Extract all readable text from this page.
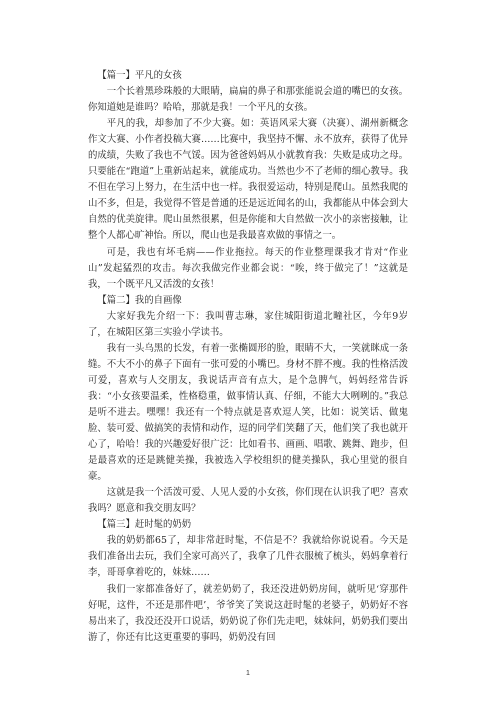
【篇一】平凡的女孩

一个长着黑珍珠般的大眼睛，扁扁的鼻子和那张能说会道的嘴巴的女孩。你知道她是谁吗？哈哈，那就是我！一个平凡的女孩。

平凡的我，却参加了不少大赛。如：英语风采大赛（决赛）、湖州新概念作文大赛、小作者投稿大赛……比赛中，我坚持不懈、永不放弃，获得了优异的成绩，失败了我也不气馁。因为爸爸妈妈从小就教育我：失败是成功之母。只要能在“跑道”上重新站起来，就能成功。当然也少不了老师的细心教导。我不但在学习上努力，在生活中也一样。我很爱运动，特别是爬山。虽然我爬的山不多，但是，我觉得不管是普通的还是远近闻名的山，我都能从中体会到大自然的优美旋律。爬山虽然很累，但是你能和大自然做一次小的亲密接触，让整个人都心旷神怡。所以，爬山也是我最喜欢做的事情之一。

可是，我也有坏毛病——作业拖拉。每天的作业整理课我才肯对“作业山”发起猛烈的攻击。每次我做完作业都会说：“唉，终于做完了！”这就是我，一个既平凡又活泼的女孩！

【篇二】我的自画像

大家好我先介绍一下：我叫曹志琳，家住城阳街道北疃社区，今年9岁了，在城阳区第三实验小学读书。

我有一头乌黑的长发，有着一张椭圆形的脸，眼睛不大，一笑就眯成一条缝。不大不小的鼻子下面有一张可爱的小嘴巴。身材不胖不瘦。我的性格活泼可爱，喜欢与人交朋友，我说话声音有点大，是个急脾气，妈妈经常告诉我：“小女孩要温柔，性格稳重，做事情认真、仔细，不能大大咧咧的。”我总是听不进去。嘿嘿！我还有一个特点就是喜欢逗人笑，比如：说笑话、做鬼脸、装可爱、做搞笑的表情和动作，逗的同学们笑翻了天，他们笑了我也就开心了，哈哈！我的兴趣爱好很广泛：比如看书、画画、唱歌、跳舞、跑步，但是最喜欢的还是跳健美操，我被选入学校组织的健美操队，我心里觉的很自豪。

这就是我一个活泼可爱、人见人爱的小女孩，你们现在认识我了吧？喜欢我吗？愿意和我交朋友吗？

【篇三】赶时髦的奶奶

我的奶奶都65了，却非常赶时髦，不信是不？我就给你说说看。今天是我们准备出去玩，我们全家可高兴了，我拿了几件衣服梳了梳头，妈妈拿着行李，哥哥拿着吃的，妹妹……

我们一家都准备好了，就差奶奶了，我还没进奶奶房间，就听见‘穿那件好呢，这件，不还是那件吧’，爷爷笑了笑说这赶时髦的老婆子，奶奶好不容易出来了，我没还没开口说话，奶奶说了你们先走吧，妹妹问，奶奶我们要出游了，你还有比这更重要的事吗，奶奶没有回

1
